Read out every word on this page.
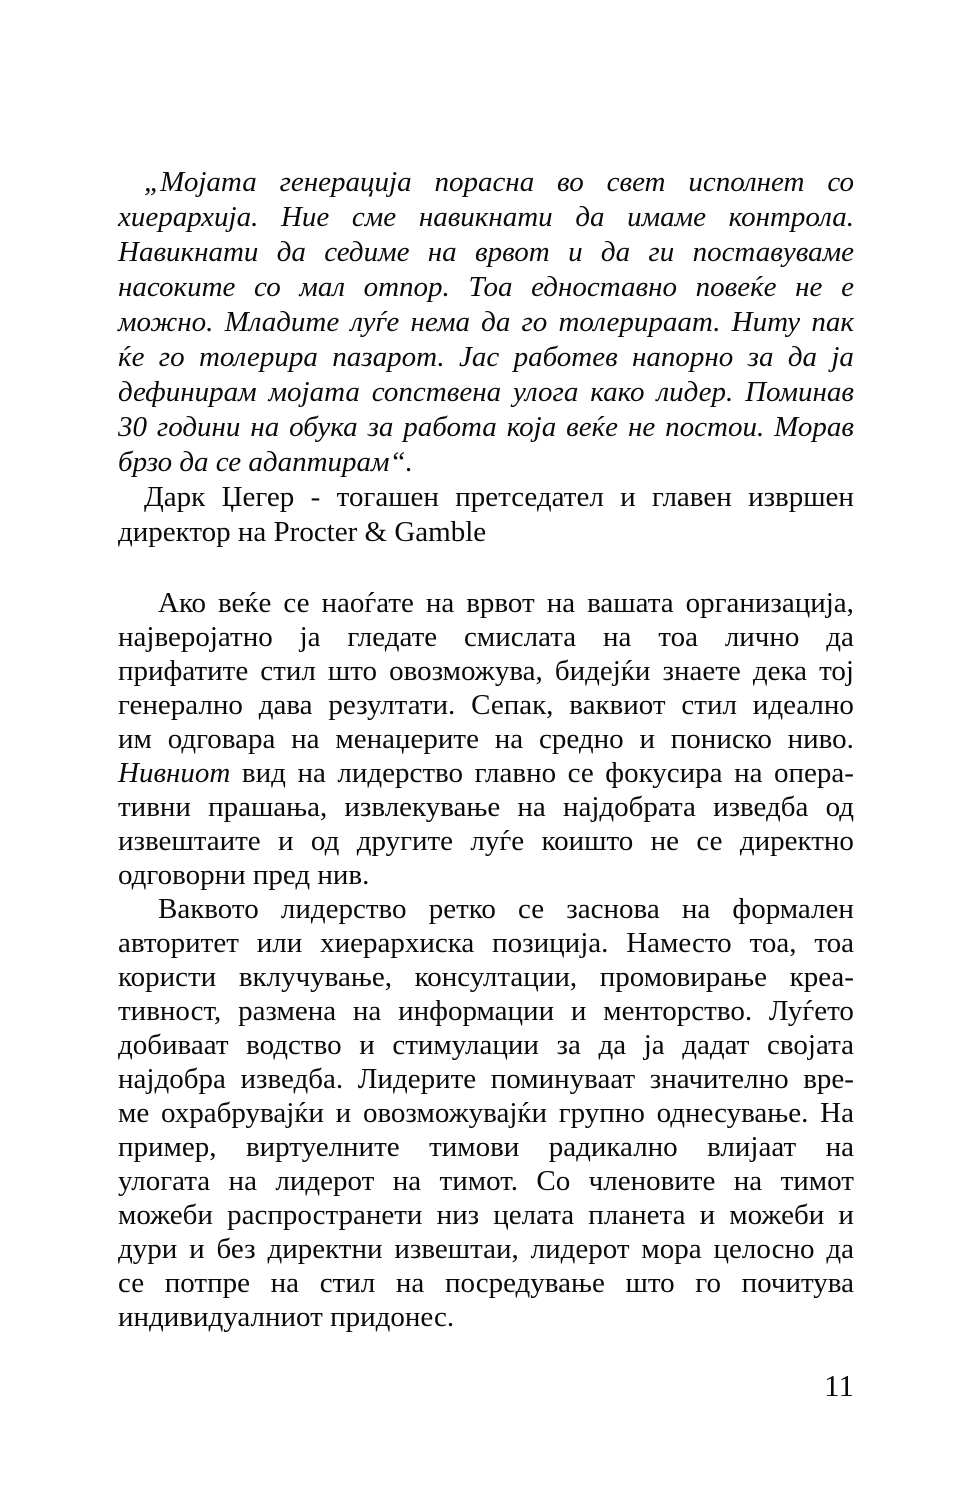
„Мојата генерација порасна во свет исполнет со
хиерархија. Ние сме навикнати да имаме контрола.
Навикнати да седиме на врвот и да ги поставуваме
насоките со мал отпор. Тоа едноставно повеќе не е
можно. Младите луѓе нема да го толерираат. Ниту пак
ќе го толерира пазарот. Јас работев напорно за да ја
дефинирам мојата сопствена улога како лидер. Поминав
30 години на обука за работа која веќе не постои. Морав
брзо да се адаптирам“.
Дарк Џегер - тогашен претседател и главен извршен
директор на Procter & Gamble
Ако веќе се наоѓате на врвот на вашата организација,
најверојатно ја гледате смислата на тоа лично да
прифатите стил што овозможува, бидејќи знаете дека тој
генерално дава резултати. Сепак, ваквиот стил идеално
им одговара на менаџерите на средно и пониско ниво.
Нивниот вид на лидерство главно се фокусира на опера-
тивни прашања, извлекување на најдобрата изведба од
извештаите и од другите луѓе коишто не се директно
одговорни пред нив.
Ваквото лидерство ретко се заснова на формален
авторитет или хиерархиска позиција. Наместо тоа, тоа
користи вклучување, консултации, промовирање креа-
тивност, размена на информации и менторство. Луѓето
добиваат водство и стимулации за да ја дадат својата
најдобра изведба. Лидерите поминуваат значително вре-
ме охрабрувајќи и овозможувајќи групно однесување. На
пример, виртуелните тимови радикално влијаат на
улогата на лидерот на тимот. Со членовите на тимот
можеби распространети низ целата планета и можеби и
дури и без директни извештаи, лидерот мора целосно да
се потпре на стил на посредување што го почитува
индивидуалниот придонес.
11
